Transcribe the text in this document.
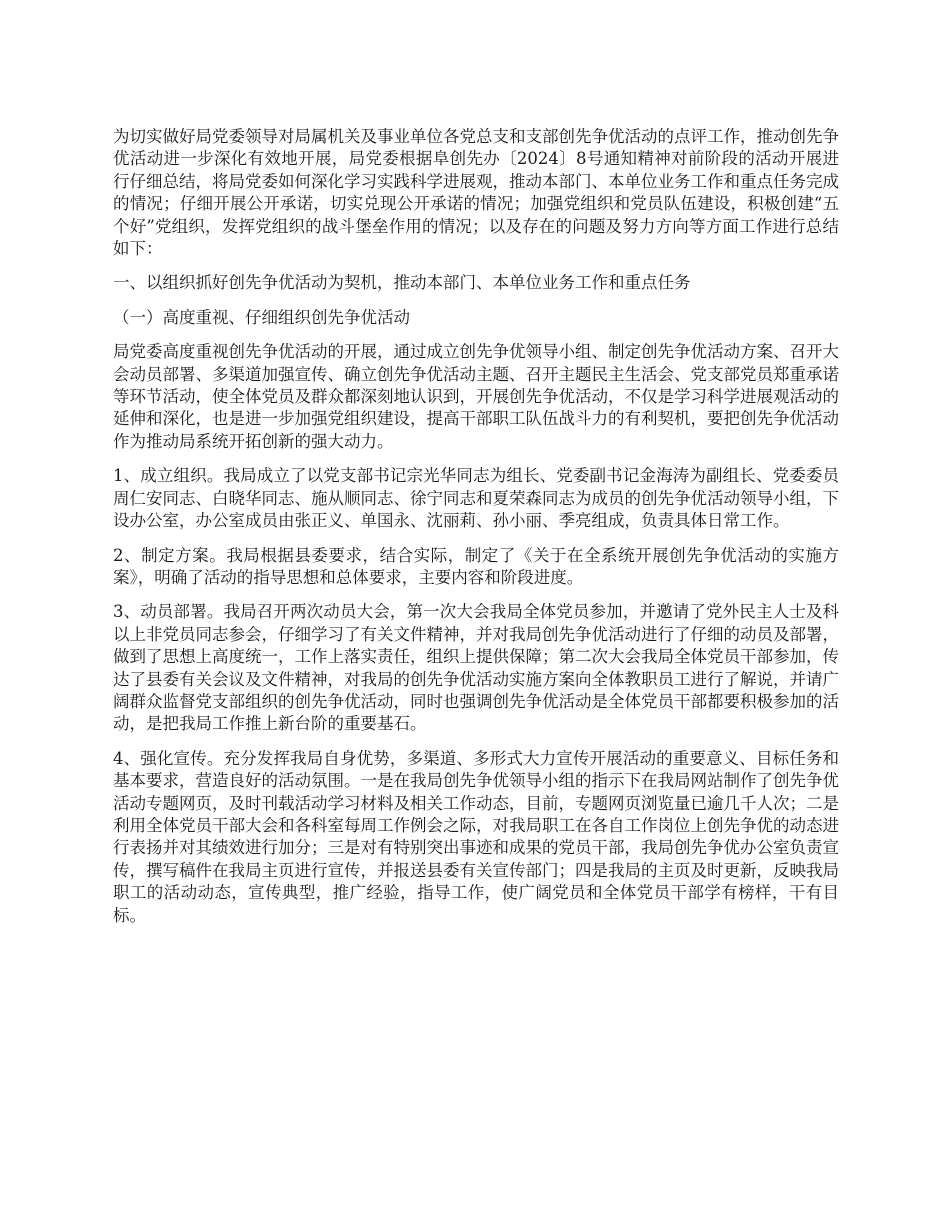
为切实做好局党委领导对局属机关及事业单位各党总支和支部创先争优活动的点评工作，推动创先争优活动进一步深化有效地开展，局党委根据阜创先办〔2024〕8号通知精神对前阶段的活动开展进行仔细总结，将局党委如何深化学习实践科学进展观，推动本部门、本单位业务工作和重点任务完成的情况；仔细开展公开承诺，切实兑现公开承诺的情况；加强党组织和党员队伍建设，积极创建“五个好”党组织，发挥党组织的战斗堡垒作用的情况；以及存在的问题及努力方向等方面工作进行总结如下：

一、以组织抓好创先争优活动为契机，推动本部门、本单位业务工作和重点任务

（一）高度重视、仔细组织创先争优活动

局党委高度重视创先争优活动的开展，通过成立创先争优领导小组、制定创先争优活动方案、召开大会动员部署、多渠道加强宣传、确立创先争优活动主题、召开主题民主生活会、党支部党员郑重承诺等环节活动，使全体党员及群众都深刻地认识到，开展创先争优活动，不仅是学习科学进展观活动的延伸和深化，也是进一步加强党组织建设，提高干部职工队伍战斗力的有利契机，要把创先争优活动作为推动局系统开拓创新的强大动力。

1、成立组织。我局成立了以党支部书记宗光华同志为组长、党委副书记金海涛为副组长、党委委员周仁安同志、白晓华同志、施从顺同志、徐宁同志和夏荣森同志为成员的创先争优活动领导小组，下设办公室，办公室成员由张正义、单国永、沈丽莉、孙小丽、季亮组成，负责具体日常工作。

2、制定方案。我局根据县委要求，结合实际，制定了《关于在全系统开展创先争优活动的实施方案》，明确了活动的指导思想和总体要求，主要内容和阶段进度。

3、动员部署。我局召开两次动员大会，第一次大会我局全体党员参加，并邀请了党外民主人士及科以上非党员同志参会，仔细学习了有关文件精神，并对我局创先争优活动进行了仔细的动员及部署，做到了思想上高度统一，工作上落实责任，组织上提供保障；第二次大会我局全体党员干部参加，传达了县委有关会议及文件精神，对我局的创先争优活动实施方案向全体教职员工进行了解说，并请广阔群众监督党支部组织的创先争优活动，同时也强调创先争优活动是全体党员干部都要积极参加的活动，是把我局工作推上新台阶的重要基石。

4、强化宣传。充分发挥我局自身优势，多渠道、多形式大力宣传开展活动的重要意义、目标任务和基本要求，营造良好的活动氛围。一是在我局创先争优领导小组的指示下在我局网站制作了创先争优活动专题网页，及时刊载活动学习材料及相关工作动态，目前，专题网页浏览量已逾几千人次；二是利用全体党员干部大会和各科室每周工作例会之际，对我局职工在各自工作岗位上创先争优的动态进行表扬并对其绩效进行加分；三是对有特别突出事迹和成果的党员干部，我局创先争优办公室负责宣传，撰写稿件在我局主页进行宣传，并报送县委有关宣传部门；四是我局的主页及时更新，反映我局职工的活动动态，宣传典型，推广经验，指导工作，使广阔党员和全体党员干部学有榜样，干有目标。
